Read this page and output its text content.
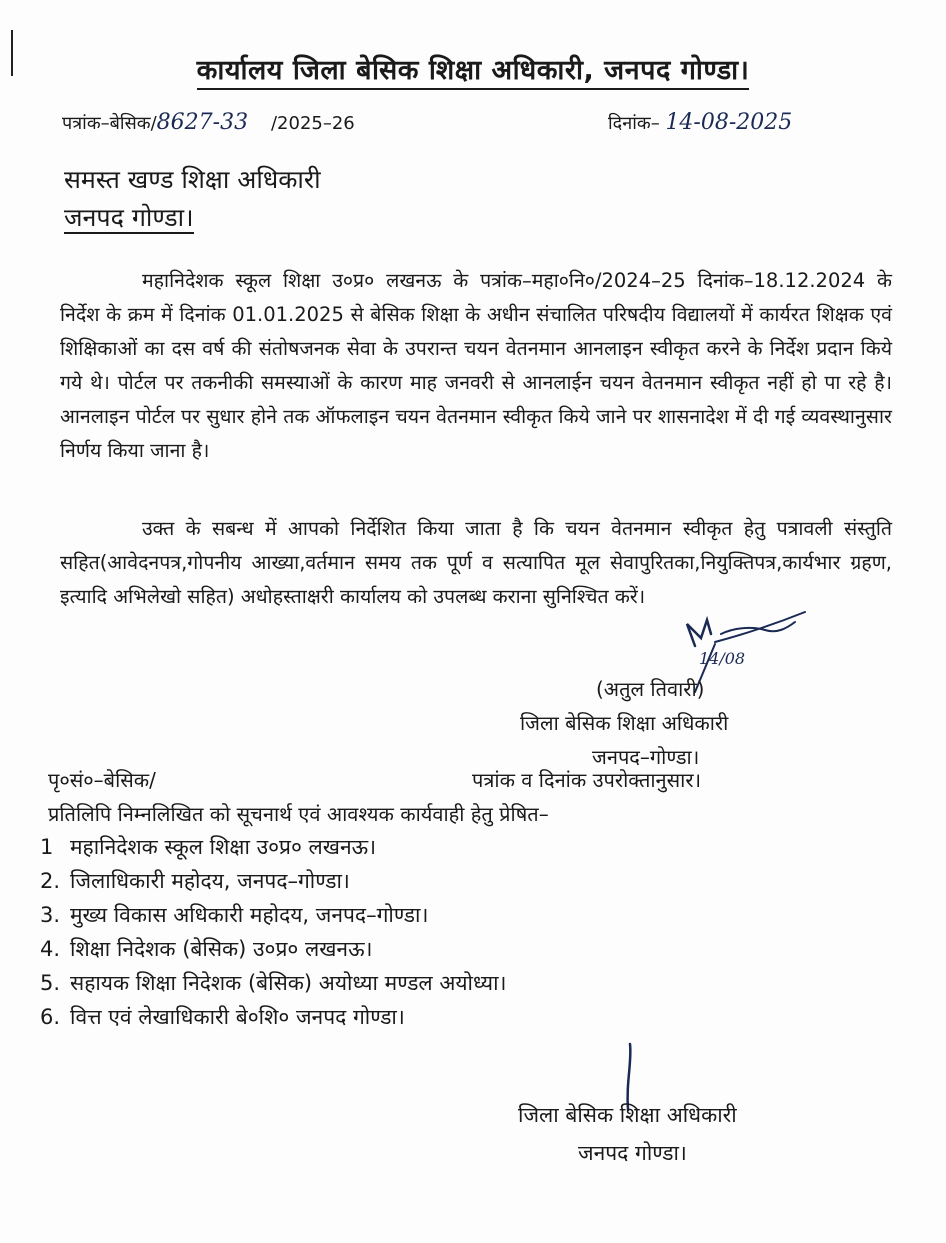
कार्यालय जिला बेसिक शिक्षा अधिकारी, जनपद गोण्डा।
पत्रांक–बेसिक/8627-33 /2025–26	दिनांक– 14-08-2025
समस्त खण्ड शिक्षा अधिकारी
जनपद गोण्डा।

महानिदेशक स्कूल शिक्षा उ०प्र० लखनऊ के पत्रांक–महा०नि०/2024–25 दिनांक–18.12.2024 के निर्देश के क्रम में दिनांक 01.01.2025 से बेसिक शिक्षा के अधीन संचालित परिषदीय विद्यालयों में कार्यरत शिक्षक एवं शिक्षिकाओं का दस वर्ष की संतोषजनक सेवा के उपरान्त चयन वेतनमान आनलाइन स्वीकृत करने के निर्देश प्रदान किये गये थे। पोर्टल पर तकनीकी समस्याओं के कारण माह जनवरी से आनलाईन चयन वेतनमान स्वीकृत नहीं हो पा रहे है। आनलाइन पोर्टल पर सुधार होने तक ऑफलाइन चयन वेतनमान स्वीकृत किये जाने पर शासनादेश में दी गई व्यवस्थानुसार निर्णय किया जाना है।

उक्त के सबन्ध में आपको निर्देशित किया जाता है कि चयन वेतनमान स्वीकृत हेतु पत्रावली संस्तुति सहित(आवेदनपत्र,गोपनीय आख्या,वर्तमान समय तक पूर्ण व सत्यापित मूल सेवापुरितका,नियुक्तिपत्र,कार्यभार ग्रहण, इत्यादि अभिलेखो सहित) अधोहस्ताक्षरी कार्यालय को उपलब्ध कराना सुनिश्चित करें।

14/08
(अतुल तिवारी)
जिला बेसिक शिक्षा अधिकारी
जनपद–गोण्डा।
पृ०सं०–बेसिक/	पत्रांक व दिनांक उपरोक्तानुसार।
प्रतिलिपि निम्नलिखित को सूचनार्थ एवं आवश्यक कार्यवाही हेतु प्रेषित–
1 महानिदेशक स्कूल शिक्षा उ०प्र० लखनऊ।
2. जिलाधिकारी महोदय, जनपद–गोण्डा।
3. मुख्य विकास अधिकारी महोदय, जनपद–गोण्डा।
4. शिक्षा निदेशक (बेसिक) उ०प्र० लखनऊ।
5. सहायक शिक्षा निदेशक (बेसिक) अयोध्या मण्डल अयोध्या।
6. वित्त एवं लेखाधिकारी बे०शि० जनपद गोण्डा।
जिला बेसिक शिक्षा अधिकारी
जनपद गोण्डा।
